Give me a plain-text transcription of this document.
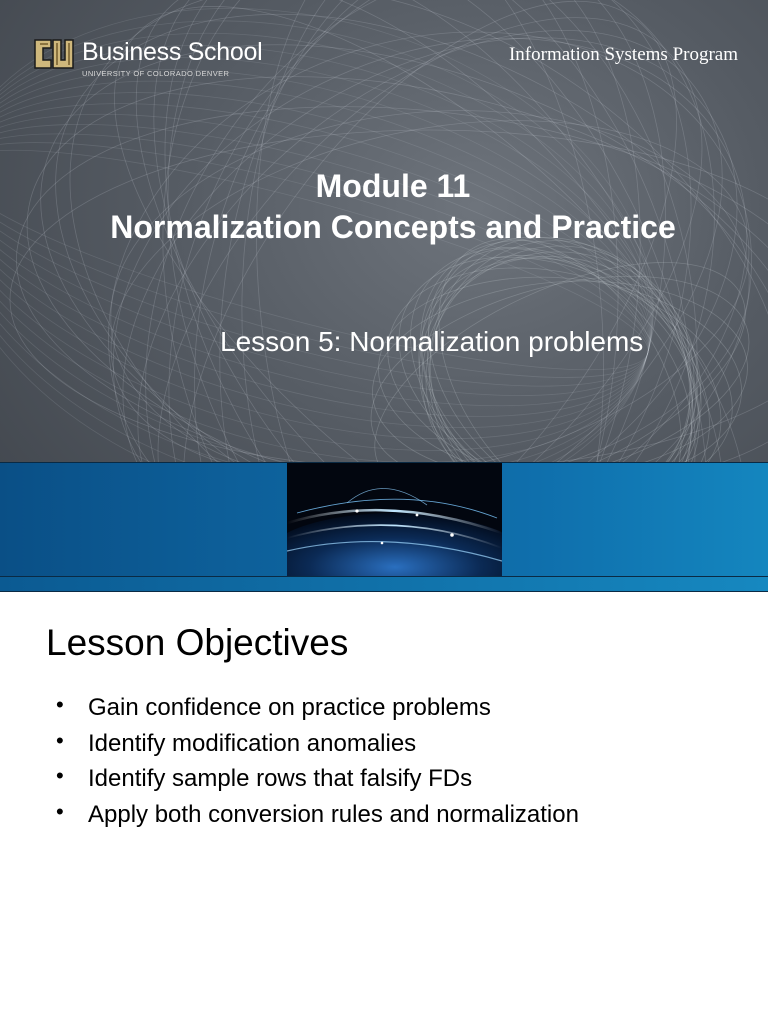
Business School
UNIVERSITY OF COLORADO DENVER
Information Systems Program
Module 11
Normalization Concepts and Practice
Lesson 5: Normalization problems
Lesson Objectives
• Gain confidence on practice problems
• Identify modification anomalies
• Identify sample rows that falsify FDs
• Apply both conversion rules and normalization
